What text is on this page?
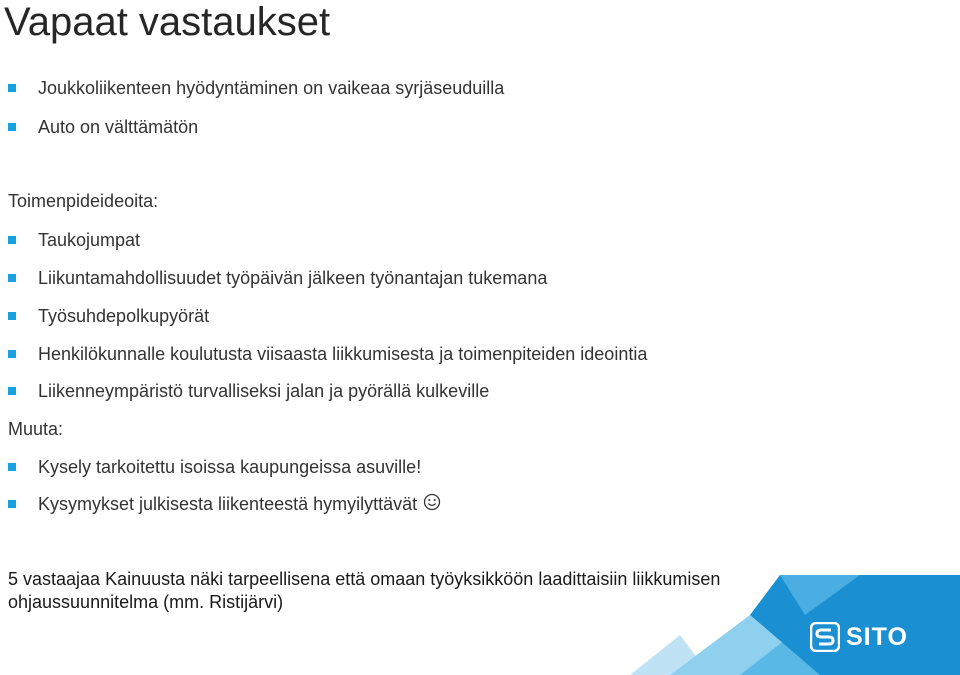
Vapaat vastaukset
Joukkoliikenteen hyödyntäminen on vaikeaa syrjäseuduilla
Auto on välttämätön
Toimenpideideoita:
Taukojumpat
Liikuntamahdollisuudet työpäivän jälkeen työnantajan tukemana
Työsuhdepolkupyörät
Henkilökunnalle koulutusta viisaasta liikkumisesta ja toimenpiteiden ideointia
Liikenneympäristö turvalliseksi jalan ja pyörällä kulkeville
Muuta:
Kysely tarkoitettu isoissa kaupungeissa asuville!
Kysymykset julkisesta liikenteestä hymyilyttävät
5 vastaajaa Kainuusta näki tarpeellisena että omaan työyksikköön laadittaisiin liikkumisen ohjaussuunnitelma (mm. Ristijärvi)
SITO
